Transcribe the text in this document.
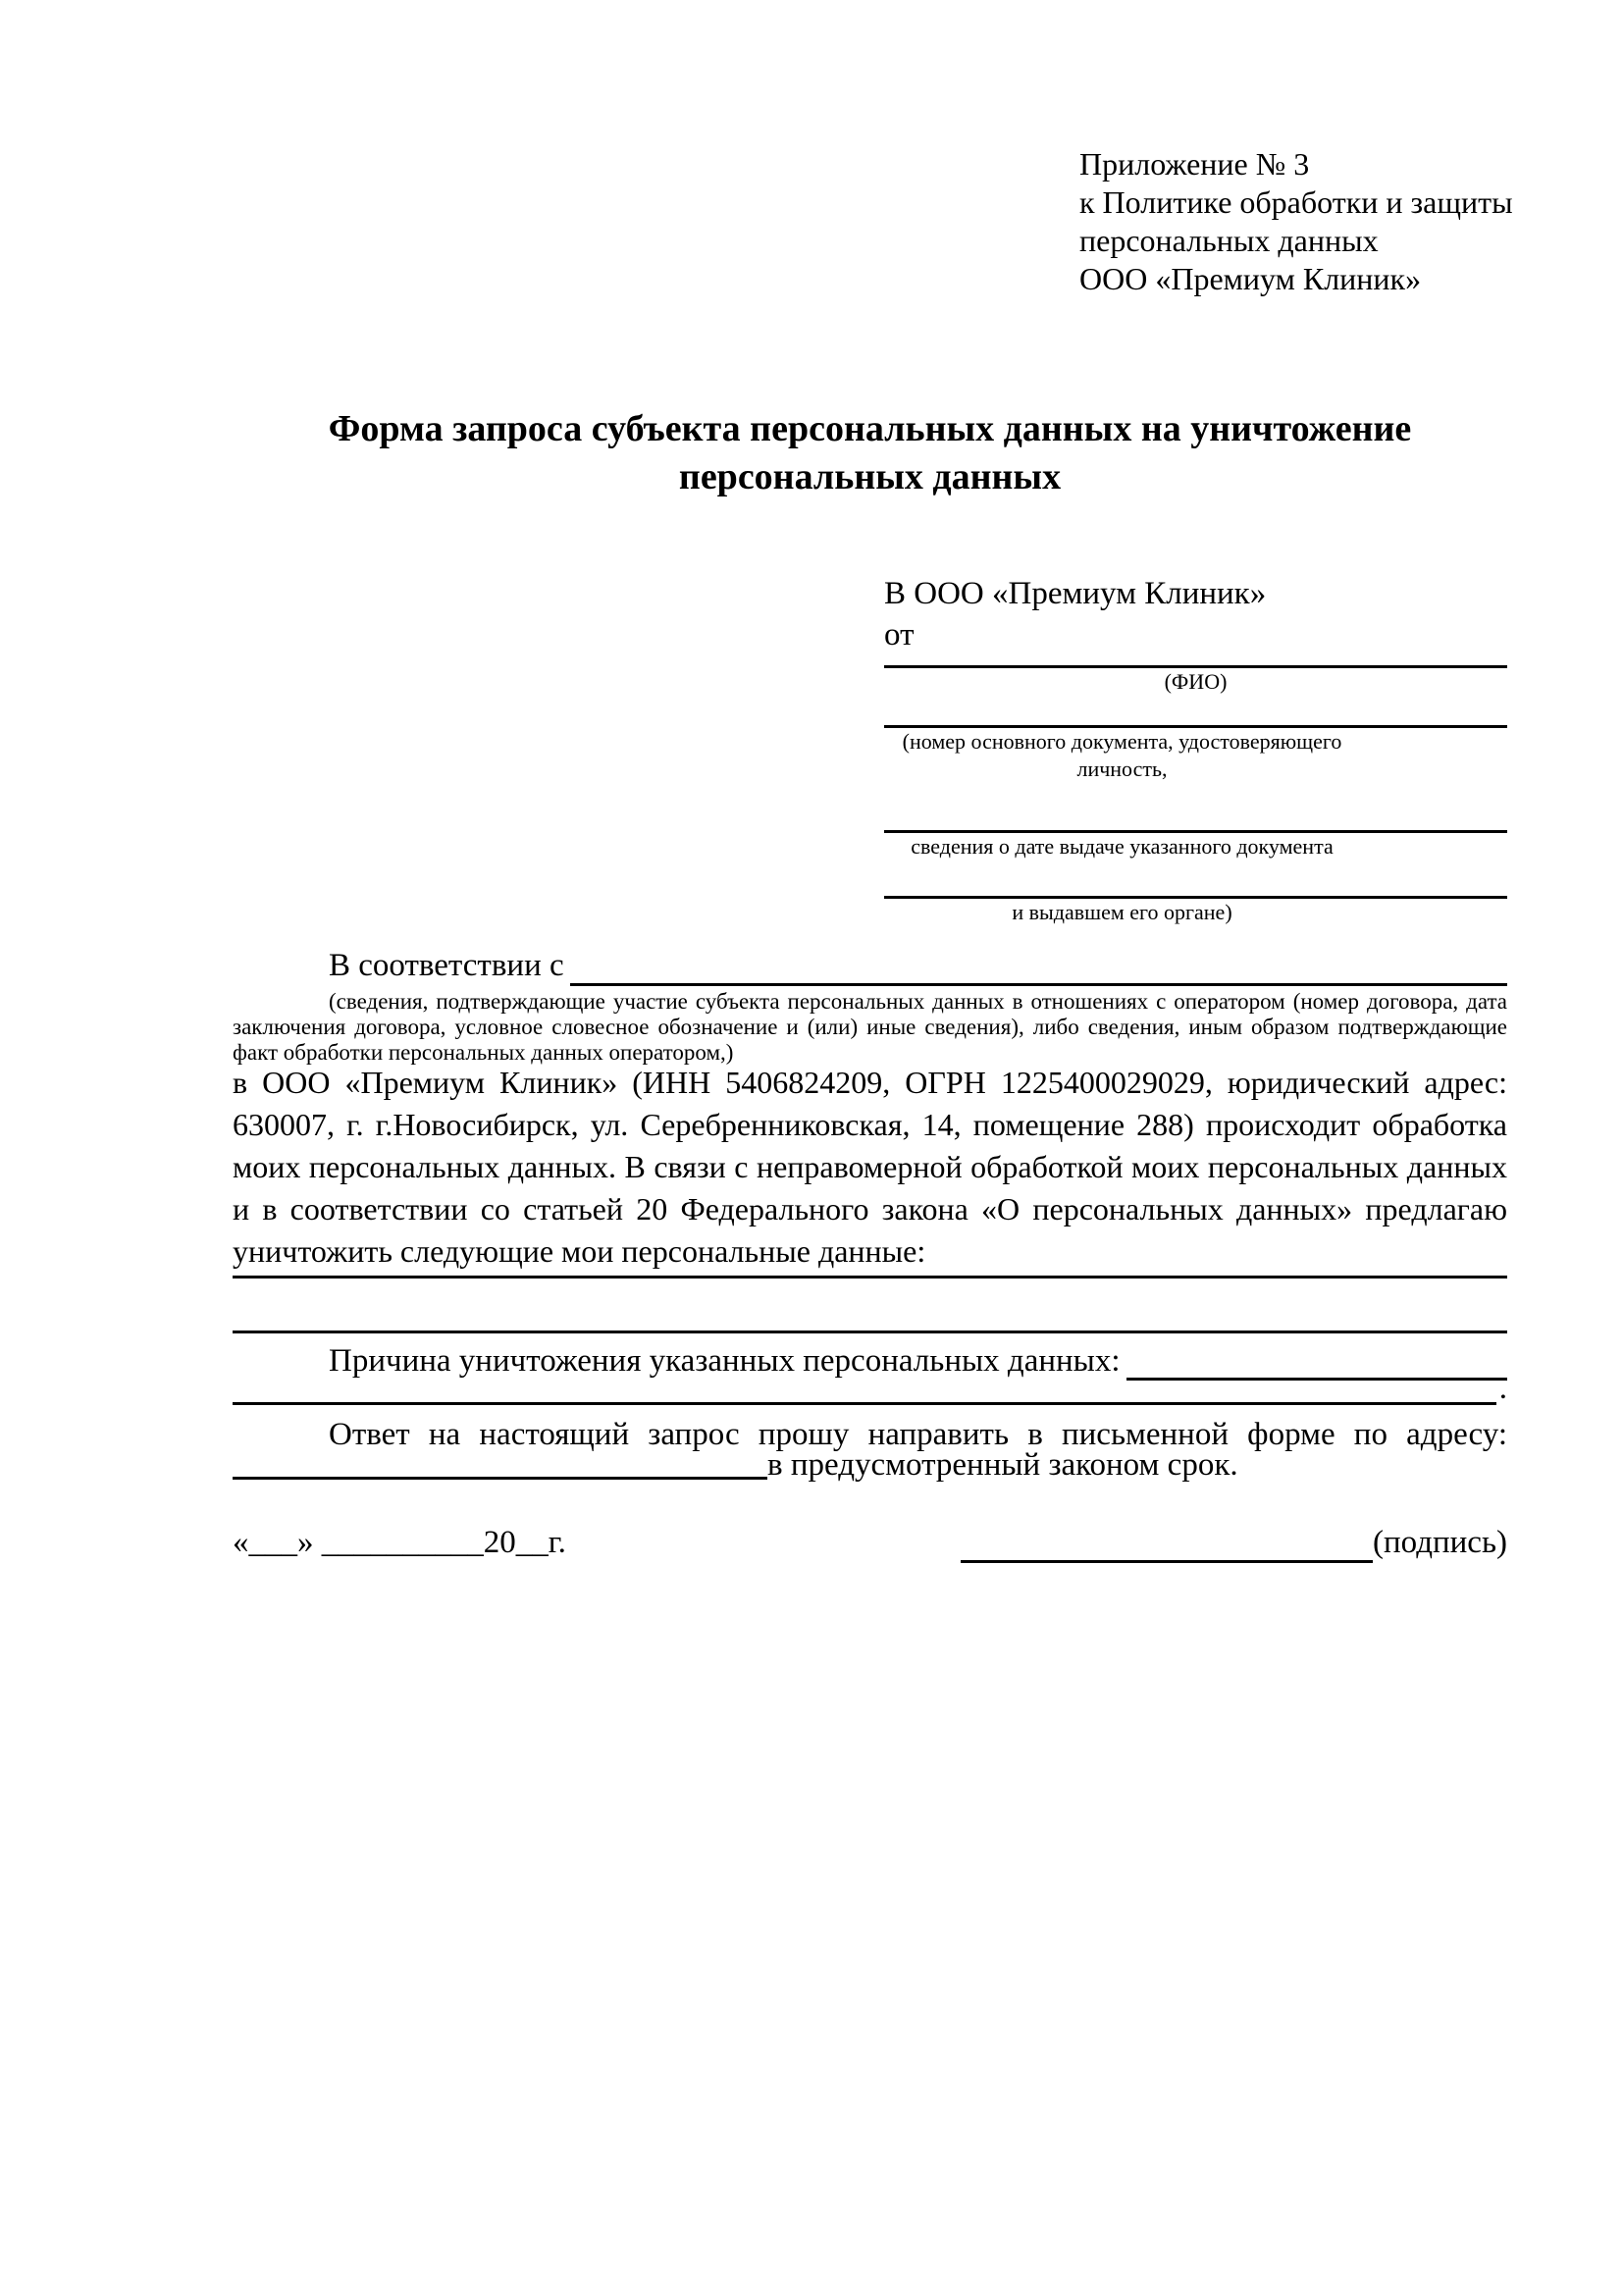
Приложение № 3
к Политике обработки и защиты
персональных данных
ООО «Премиум Клиник»
Форма запроса субъекта персональных данных на уничтожение персональных данных
В ООО «Премиум Клиник»
от
(ФИО)
(номер основного документа, удостоверяющего личность,
сведения о дате выдаче указанного документа
и выдавшем его органе)
В соответствии с
(сведения, подтверждающие участие субъекта персональных данных в отношениях с оператором (номер договора, дата заключения договора, условное словесное обозначение и (или) иные сведения), либо сведения, иным образом подтверждающие факт обработки персональных данных оператором,)
в ООО «Премиум Клиник» (ИНН 5406824209, ОГРН 1225400029029, юридический адрес: 630007, г. г.Новосибирск, ул. Серебренниковская, 14, помещение 288) происходит обработка моих персональных данных. В связи с неправомерной обработкой моих персональных данных и в соответствии со статьей 20 Федерального закона «О персональных данных» предлагаю уничтожить следующие мои персональные данные:
Причина уничтожения указанных персональных данных:
.
Ответ на настоящий запрос прошу направить в письменной форме по адресу:
в предусмотренный законом срок.
«___» __________20__г.	(подпись)
